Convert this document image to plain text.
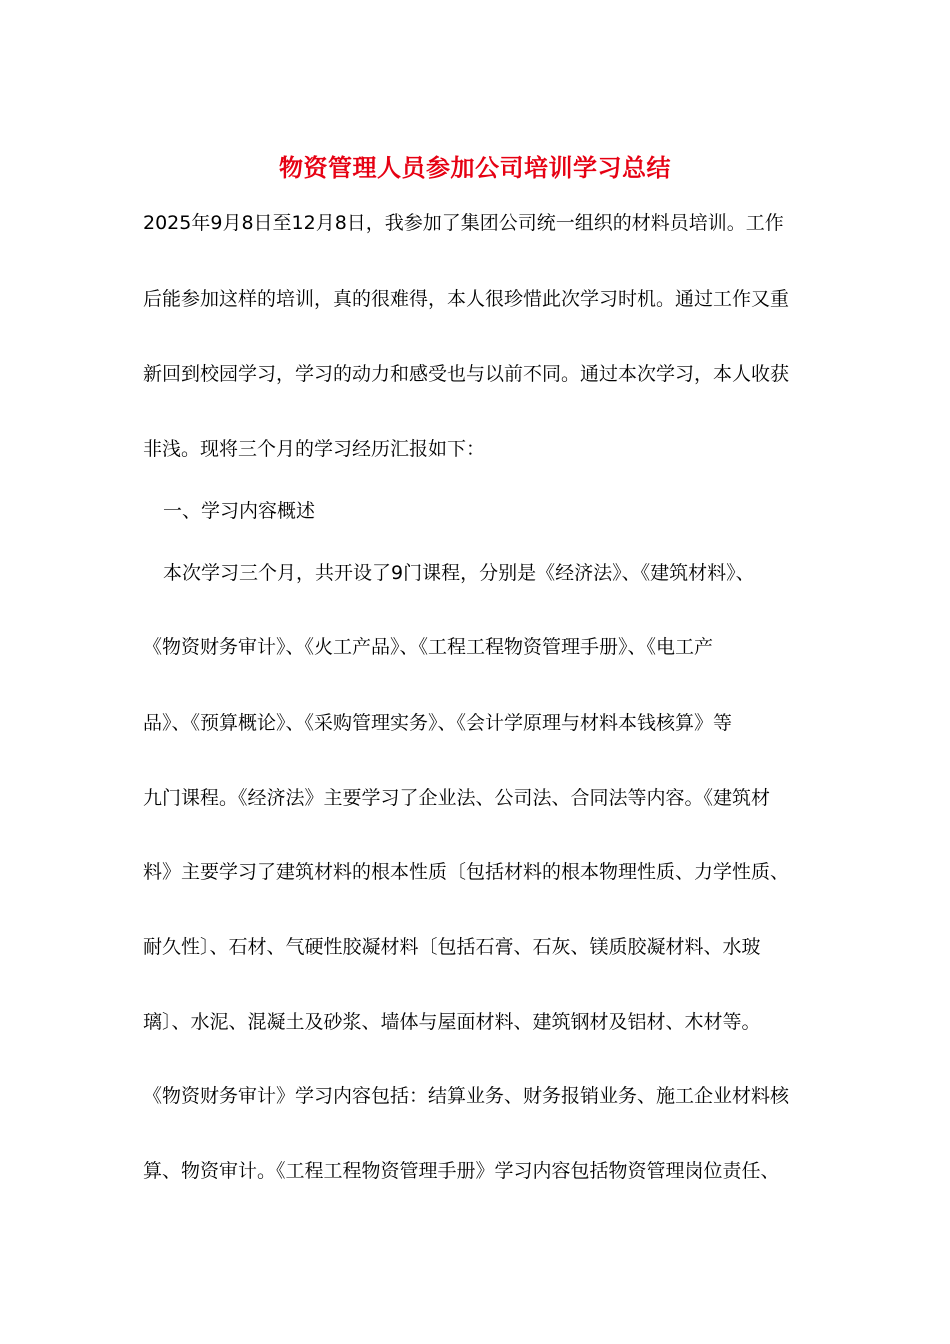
物资管理人员参加公司培训学习总结
2025年9月8日至12月8日，我参加了集团公司统一组织的材料员培训。工作
后能参加这样的培训，真的很难得，本人很珍惜此次学习时机。通过工作又重
新回到校园学习，学习的动力和感受也与以前不同。通过本次学习，本人收获
非浅。现将三个月的学习经历汇报如下：
一、学习内容概述
本次学习三个月，共开设了9门课程，分别是《经济法》、《建筑材料》、
《物资财务审计》、《火工产品》、《工程工程物资管理手册》、《电工产
品》、《预算概论》、《采购管理实务》、《会计学原理与材料本钱核算》等
九门课程。《经济法》主要学习了企业法、公司法、合同法等内容。《建筑材
料》主要学习了建筑材料的根本性质〔包括材料的根本物理性质、力学性质、
耐久性〕、石材、气硬性胶凝材料〔包括石膏、石灰、镁质胶凝材料、水玻
璃〕、水泥、混凝土及砂浆、墙体与屋面材料、建筑钢材及铝材、木材等。
《物资财务审计》学习内容包括：结算业务、财务报销业务、施工企业材料核
算、物资审计。《工程工程物资管理手册》学习内容包括物资管理岗位责任、
